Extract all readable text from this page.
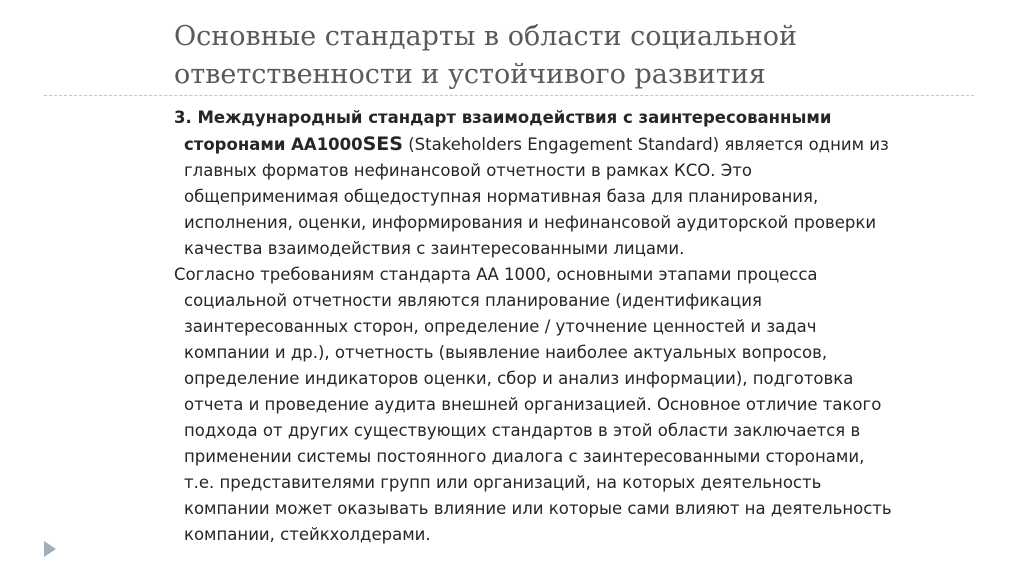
Основные стандарты в области социальной ответственности и устойчивого развития

3. Международный стандарт взаимодействия с заинтересованными сторонами АА1000SES (Stakeholders Engagement Standard) является одним из главных форматов нефинансовой отчетности в рамках КСО. Это общеприменимая общедоступная нормативная база для планирования, исполнения, оценки, информирования и нефинансовой аудиторской проверки качества взаимодействия с заинтересованными лицами.

Согласно требованиям стандарта АА 1000, основными этапами процесса социальной отчетности являются планирование (идентификация заинтересованных сторон, определение / уточнение ценностей и задач компании и др.), отчетность (выявление наиболее актуальных вопросов, определение индикаторов оценки, сбор и анализ информации), подготовка отчета и проведение аудита внешней организацией. Основное отличие такого подхода от других существующих стандартов в этой области заключается в применении системы постоянного диалога с заинтересованными сторонами, т.е. представителями групп или организаций, на которых деятельность компании может оказывать влияние или которые сами влияют на деятельность компании, стейкхолдерами.
